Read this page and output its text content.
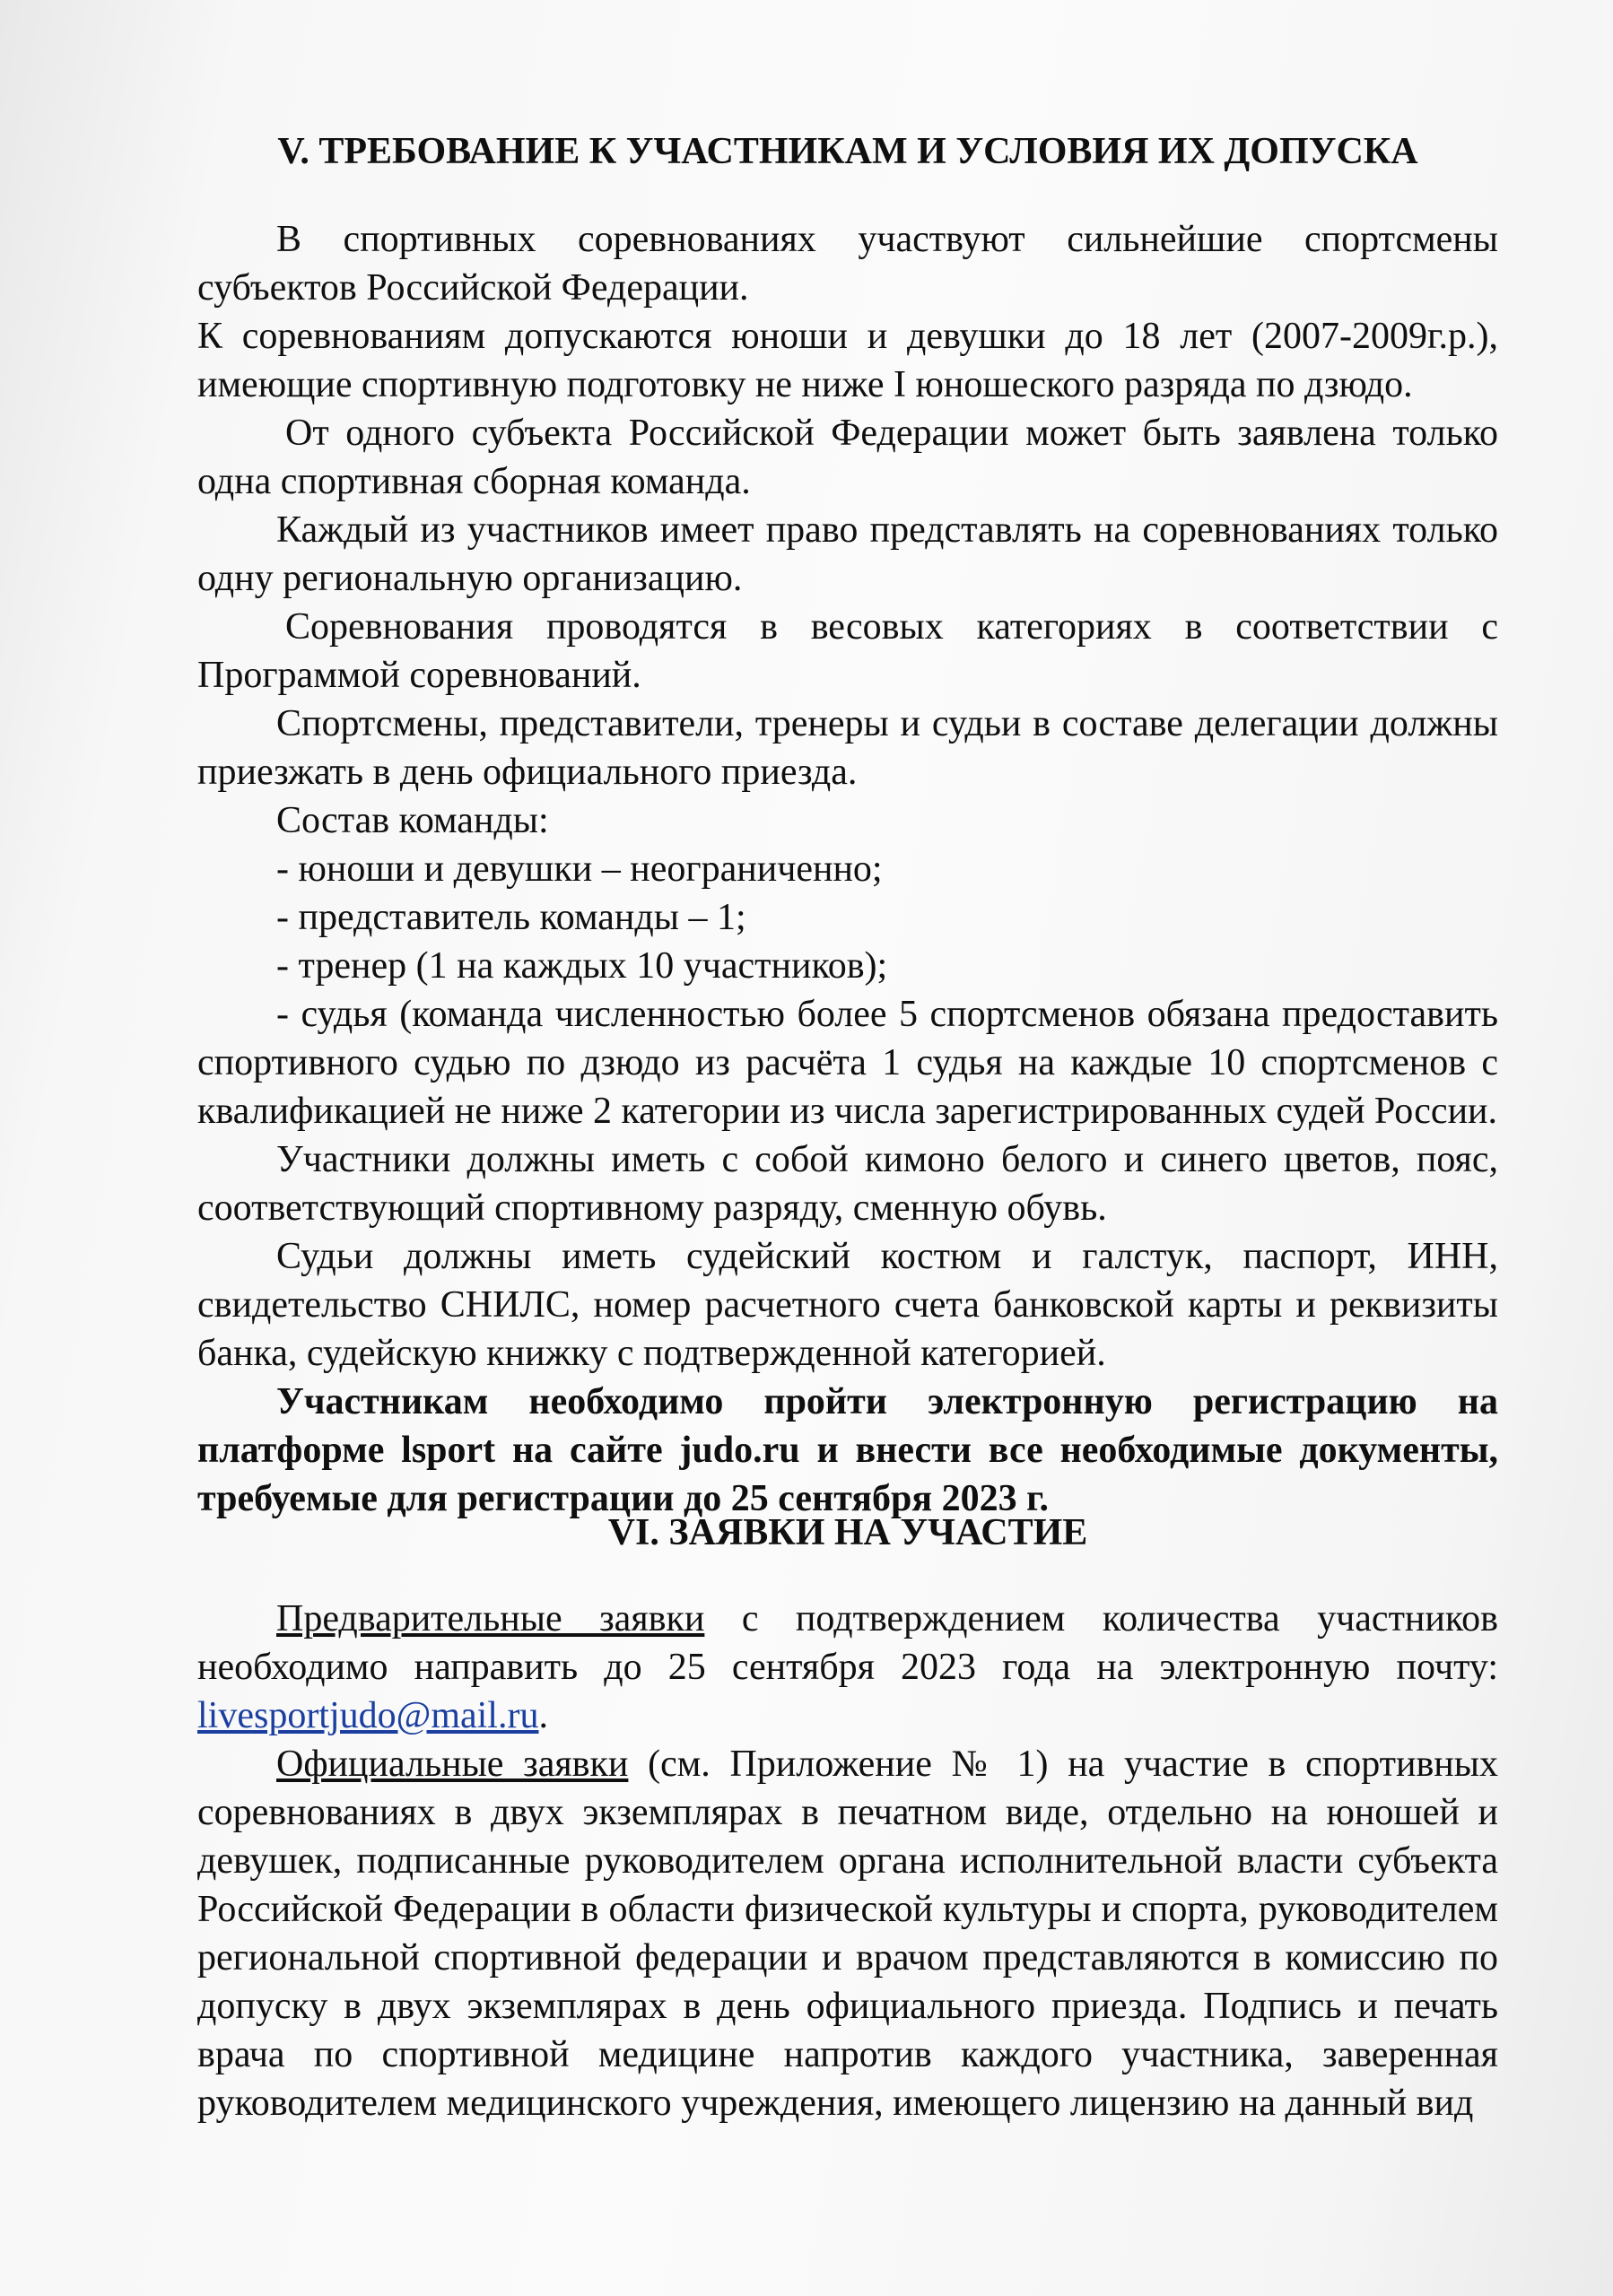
V. ТРЕБОВАНИЕ К УЧАСТНИКАМ И УСЛОВИЯ ИХ ДОПУСКА

В спортивных соревнованиях участвуют сильнейшие спортсмены субъектов Российской Федерации.

К соревнованиям допускаются юноши и девушки до 18 лет (2007-2009г.р.), имеющие спортивную подготовку не ниже I юношеского разряда по дзюдо.

От одного субъекта Российской Федерации может быть заявлена только одна спортивная сборная команда.

Каждый из участников имеет право представлять на соревнованиях только одну региональную организацию.

Соревнования проводятся в весовых категориях в соответствии с Программой соревнований.

Спортсмены, представители, тренеры и судьи в составе делегации должны приезжать в день официального приезда.

Состав команды:

- юноши и девушки – неограниченно;

- представитель команды – 1;

- тренер (1 на каждых 10 участников);

- судья (команда численностью более 5 спортсменов обязана предоставить спортивного судью по дзюдо из расчёта 1 судья на каждые 10 спортсменов с квалификацией не ниже 2 категории из числа зарегистрированных судей России.

Участники должны иметь с собой кимоно белого и синего цветов, пояс, соответствующий спортивному разряду, сменную обувь.

Судьи должны иметь судейский костюм и галстук, паспорт, ИНН, свидетельство СНИЛС, номер расчетного счета банковской карты и реквизиты банка, судейскую книжку с подтвержденной категорией.

Участникам необходимо пройти электронную регистрацию на платформе lsport на сайте judo.ru и внести все необходимые документы, требуемые для регистрации до 25 сентября 2023 г.

VI. ЗАЯВКИ НА УЧАСТИЕ

Предварительные заявки с подтверждением количества участников необходимо направить до 25 сентября 2023 года на электронную почту: livesportjudo@mail.ru.

Официальные заявки (см. Приложение № 1) на участие в спортивных соревнованиях в двух экземплярах в печатном виде, отдельно на юношей и девушек, подписанные руководителем органа исполнительной власти субъекта Российской Федерации в области физической культуры и спорта, руководителем региональной спортивной федерации и врачом представляются в комиссию по допуску в двух экземплярах в день официального приезда. Подпись и печать врача по спортивной медицине напротив каждого участника, заверенная руководителем медицинского учреждения, имеющего лицензию на данный вид
